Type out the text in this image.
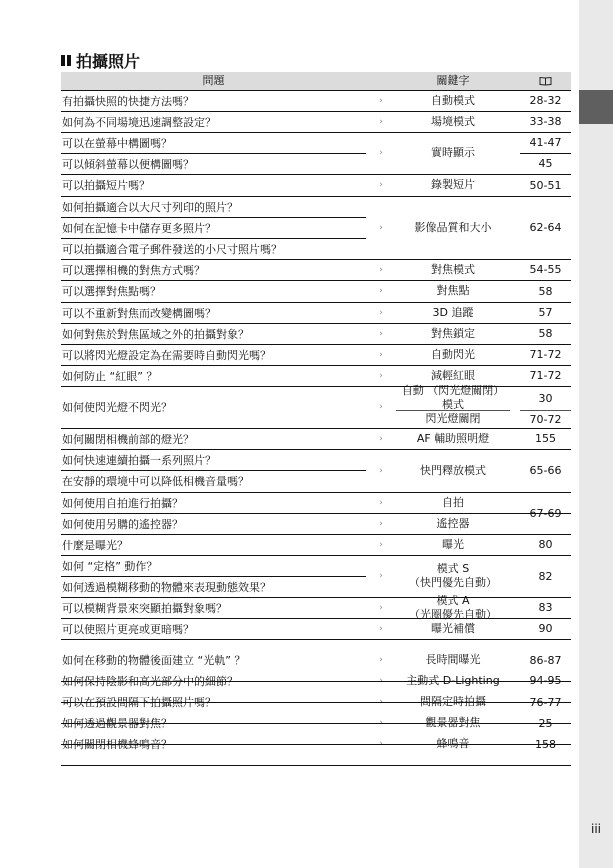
拍攝照片
問題	關鍵字
有拍攝快照的快捷方法嗎？
如何為不同場境迅速調整設定？
可以在螢幕中構圖嗎？
可以傾斜螢幕以便構圖嗎？
可以拍攝短片嗎？
如何拍攝適合以大尺寸列印的照片？
如何在記憶卡中儲存更多照片？
可以拍攝適合電子郵件發送的小尺寸照片嗎？
可以選擇相機的對焦方式嗎？
可以選擇對焦點嗎？
可以不重新對焦而改變構圖嗎？
如何對焦於對焦區域之外的拍攝對象？
可以將閃光燈設定為在需要時自動閃光嗎？
如何防止 “紅眼” ？
如何使閃光燈不閃光？
如何關閉相機前部的燈光？
如何快速連續拍攝一系列照片？
在安靜的環境中可以降低相機音量嗎？
如何使用自拍進行拍攝？
如何使用另購的遙控器？
什麼是曝光？
如何 “定格” 動作？
如何透過模糊移動的物體來表現動態效果？
可以模糊背景來突顯拍攝對象嗎？
可以使照片更亮或更暗嗎？
如何在移動的物體後面建立 “光軌” ？
如何保持陰影和高光部分中的細節？
可以在預設間隔下拍攝照片嗎？
如何透過觀景器對焦？
如何關閉相機蜂鳴音？
›
›
›
›
›
›
›
›
›
›
›
›
›
›
›
›
›
›
›
›
›
›
›
›
›
自動模式
場境模式
實時顯示
錄製短片
影像品質和大小
對焦模式
對焦點
3D 追蹤
對焦鎖定
自動閃光
減輕紅眼
自動 （閃光燈關閉）
模式
閃光燈關閉
AF 輔助照明燈
快門釋放模式
自拍
遙控器
曝光
模式 S
（快門優先自動）
模式 A
（光圈優先自動）
曝光補償
長時間曝光
主動式 D-Lighting
間隔定時拍攝
觀景器對焦
蜂鳴音
28-32
33-38
41-47
45
50-51
62-64
54-55
58
57
58
71-72
71-72
30
70-72
155
65-66
67-69
80
82
83
90
86-87
94-95
76-77
25
158
iii
